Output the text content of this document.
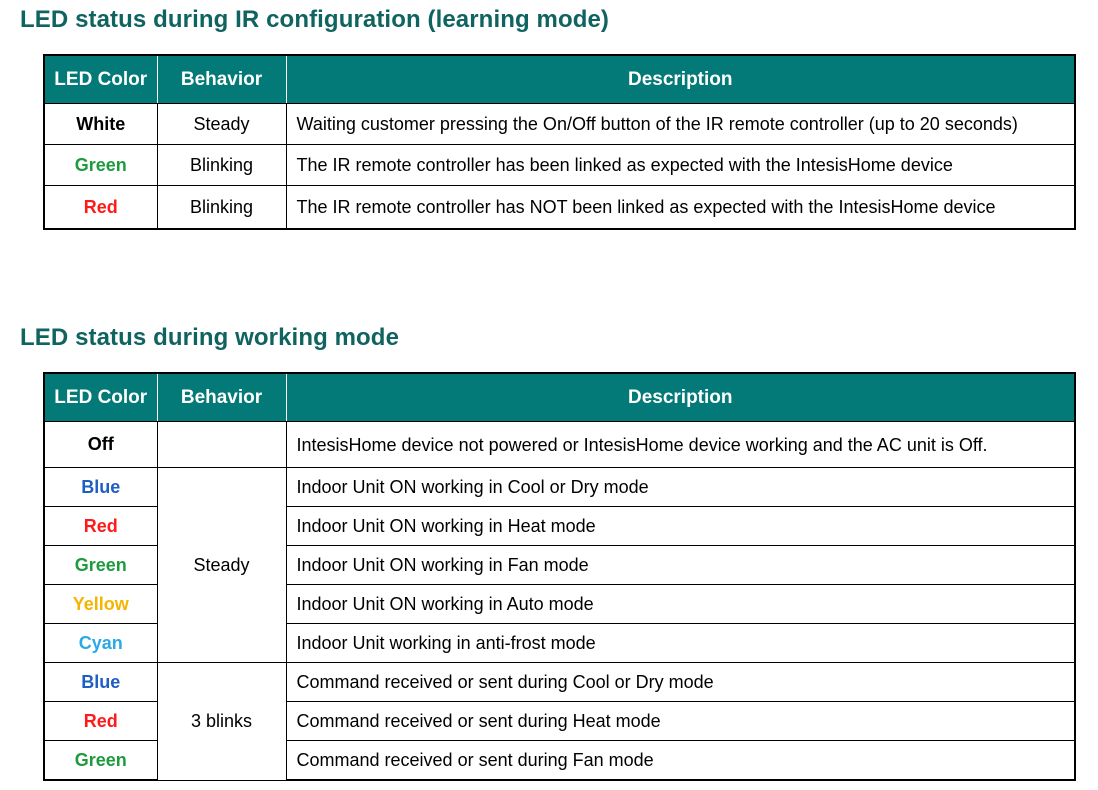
LED status during IR configuration (learning mode)
LED Color	Behavior	Description
White	Steady	Waiting customer pressing the On/Off button of the IR remote controller (up to 20 seconds)
Green	Blinking	The IR remote controller has been linked as expected with the IntesisHome device
Red	Blinking	The IR remote controller has NOT been linked as expected with the IntesisHome device
LED status during working mode
LED Color	Behavior	Description
Off		IntesisHome device not powered or IntesisHome device working and the AC unit is Off.
Blue	Steady	Indoor Unit ON working in Cool or Dry mode
Red		Indoor Unit ON working in Heat mode
Green		Indoor Unit ON working in Fan mode
Yellow		Indoor Unit ON working in Auto mode
Cyan		Indoor Unit working in anti-frost mode
Blue	3 blinks	Command received or sent during Cool or Dry mode
Red		Command received or sent during Heat mode
Green		Command received or sent during Fan mode
